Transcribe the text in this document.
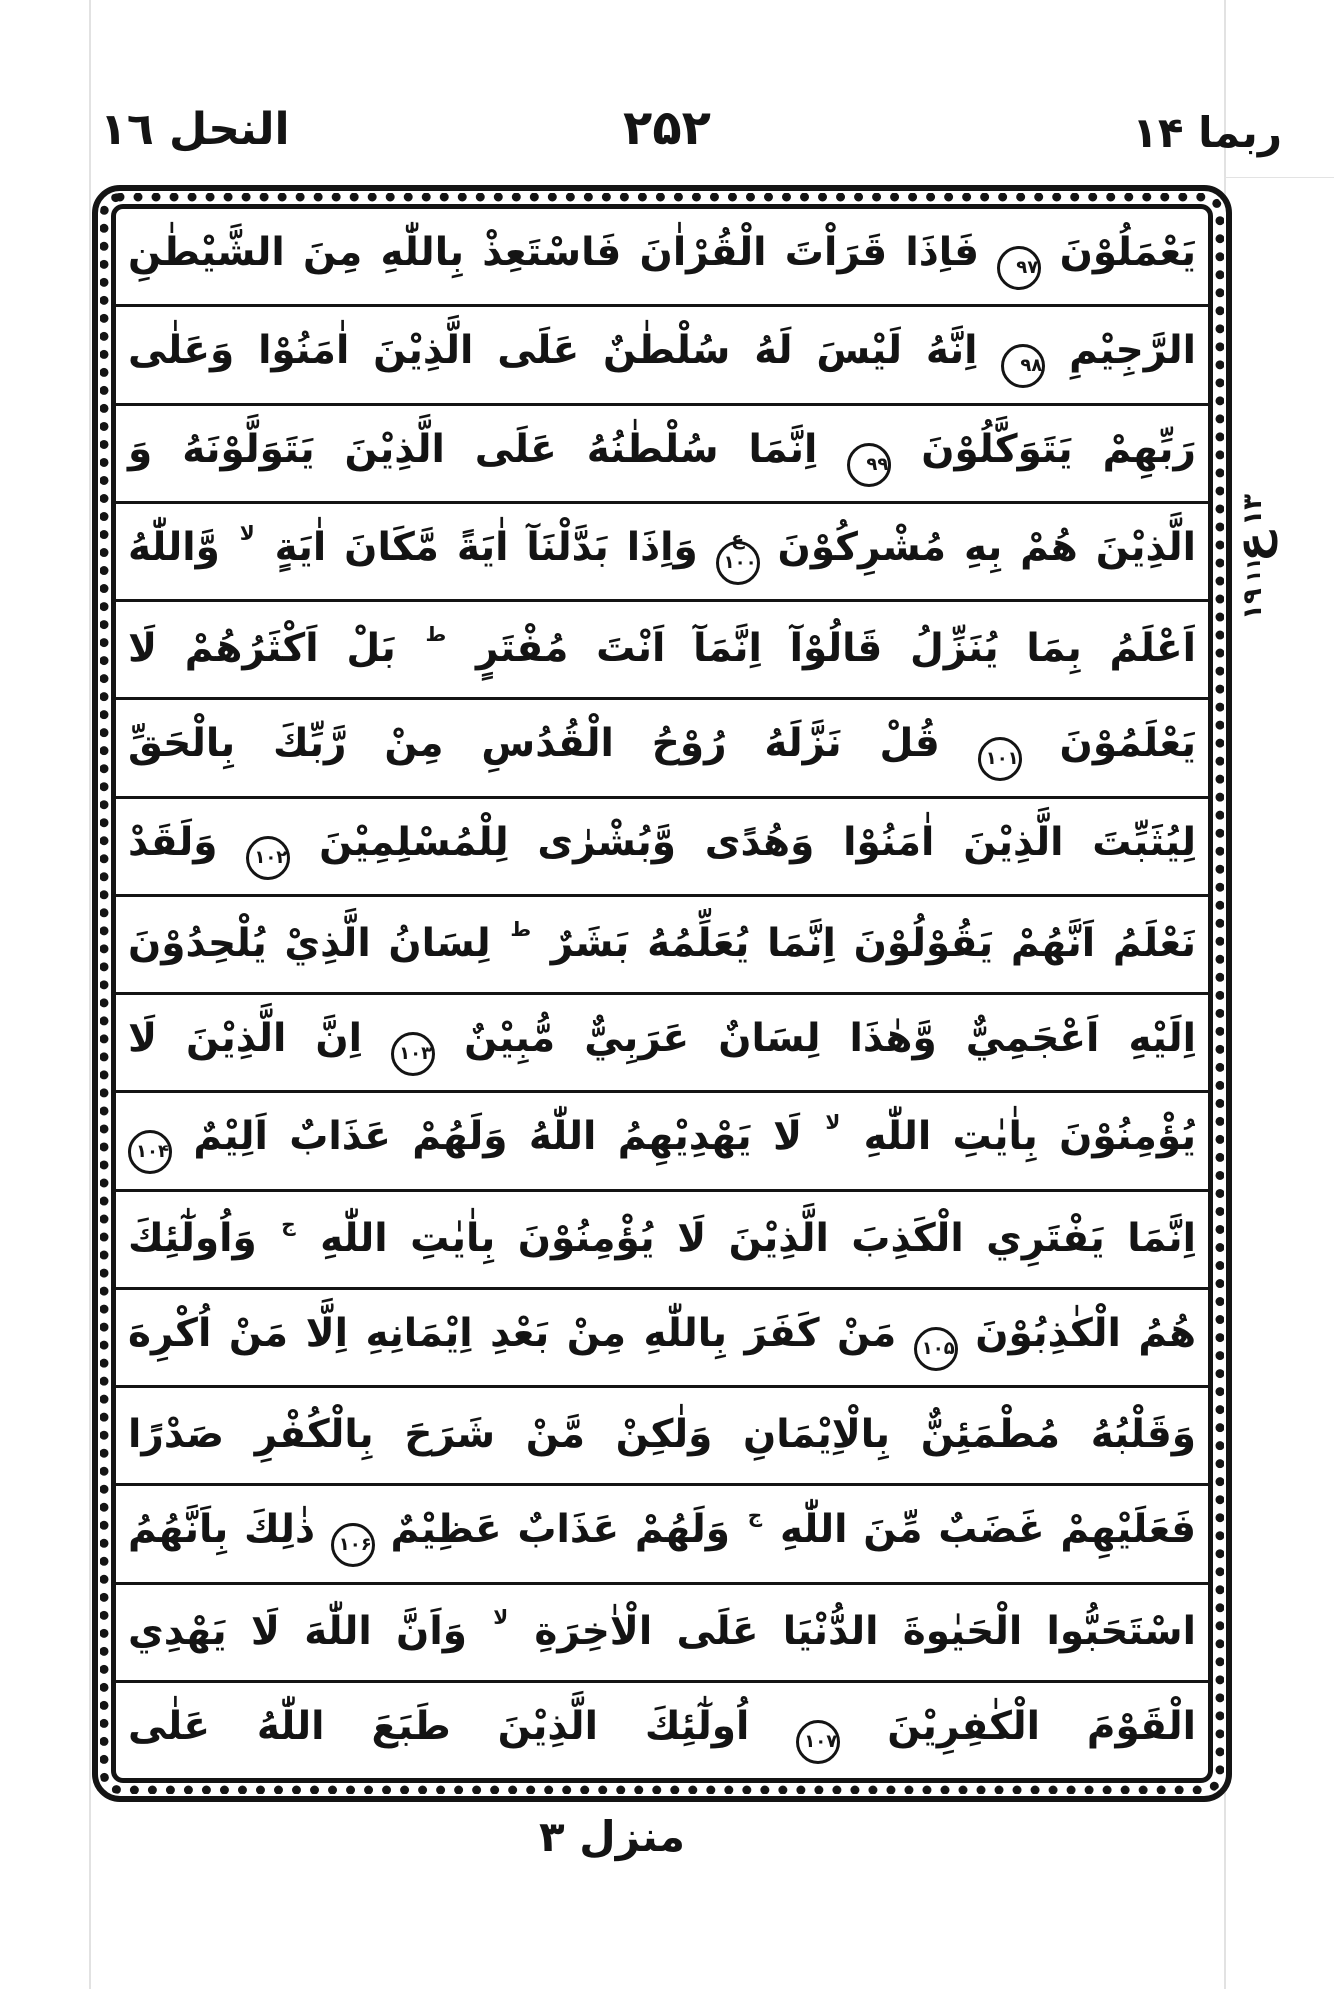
النحل ١٦	۲۵۲	ربما ۱۴
يَعْمَلُوْنَ ۹۷ فَاِذَا قَرَاْتَ الْقُرْاٰنَ فَاسْتَعِذْ بِاللّٰهِ مِنَ الشَّيْطٰنِ
الرَّجِيْمِ ۹۸ اِنَّهُ لَيْسَ لَهُ سُلْطٰنٌ عَلَى الَّذِيْنَ اٰمَنُوْا وَعَلٰى
رَبِّهِمْ يَتَوَكَّلُوْنَ ۹۹ اِنَّمَا سُلْطٰنُهُ عَلَى الَّذِيْنَ يَتَوَلَّوْنَهُ وَ
الَّذِيْنَ هُمْ بِهِ مُشْرِكُوْنَ ۱۰۰
ع
وَاِذَا بَدَّلْنَآ اٰيَةً مَّكَانَ اٰيَةٍ $^{لا}$ وَّاللّٰهُ
اَعْلَمُ بِمَا يُنَزِّلُ قَالُوْآ اِنَّمَآ اَنْتَ مُفْتَرٍ $^ط$ بَلْ اَكْثَرُهُمْ لَا
يَعْلَمُوْنَ ۱۰۱ قُلْ نَزَّلَهُ رُوْحُ الْقُدُسِ مِنْ رَّبِّكَ بِالْحَقِّ
لِيُثَبِّتَ الَّذِيْنَ اٰمَنُوْا وَهُدًى وَّبُشْرٰى لِلْمُسْلِمِيْنَ ۱۰۲ وَلَقَدْ
نَعْلَمُ اَنَّهُمْ يَقُوْلُوْنَ اِنَّمَا يُعَلِّمُهُ بَشَرٌ $^ط$ لِسَانُ الَّذِيْ يُلْحِدُوْنَ
اِلَيْهِ اَعْجَمِيٌّ وَّهٰذَا لِسَانٌ عَرَبِيٌّ مُّبِيْنٌ ۱۰۳ اِنَّ الَّذِيْنَ لَا
يُؤْمِنُوْنَ بِاٰيٰتِ اللّٰهِ $^{لا}$ لَا يَهْدِيْهِمُ اللّٰهُ وَلَهُمْ عَذَابٌ اَلِيْمٌ ۱۰۴
اِنَّمَا يَفْتَرِي الْكَذِبَ الَّذِيْنَ لَا يُؤْمِنُوْنَ بِاٰيٰتِ اللّٰهِ $^ج$ وَاُولٰٓئِكَ
هُمُ الْكٰذِبُوْنَ ۱۰۵ مَنْ كَفَرَ بِاللّٰهِ مِنْ بَعْدِ اِيْمَانِهِ اِلَّا مَنْ اُكْرِهَ
وَقَلْبُهُ مُطْمَئِنٌّ بِالْاِيْمَانِ وَلٰكِنْ مَّنْ شَرَحَ بِالْكُفْرِ صَدْرًا
فَعَلَيْهِمْ غَضَبٌ مِّنَ اللّٰهِ $^ج$ وَلَهُمْ عَذَابٌ عَظِيْمٌ ۱۰۶ ذٰلِكَ بِاَنَّهُمُ
اسْتَحَبُّوا الْحَيٰوةَ الدُّنْيَا عَلَى الْاٰخِرَةِ $^{لا}$ وَاَنَّ اللّٰهَ لَا يَهْدِي
الْقَوْمَ الْكٰفِرِيْنَ ۱۰۷ اُولٰٓئِكَ الَّذِيْنَ طَبَعَ اللّٰهُ عَلٰى
۱۳
ع
۱۱
۱۹
منزل ۳
